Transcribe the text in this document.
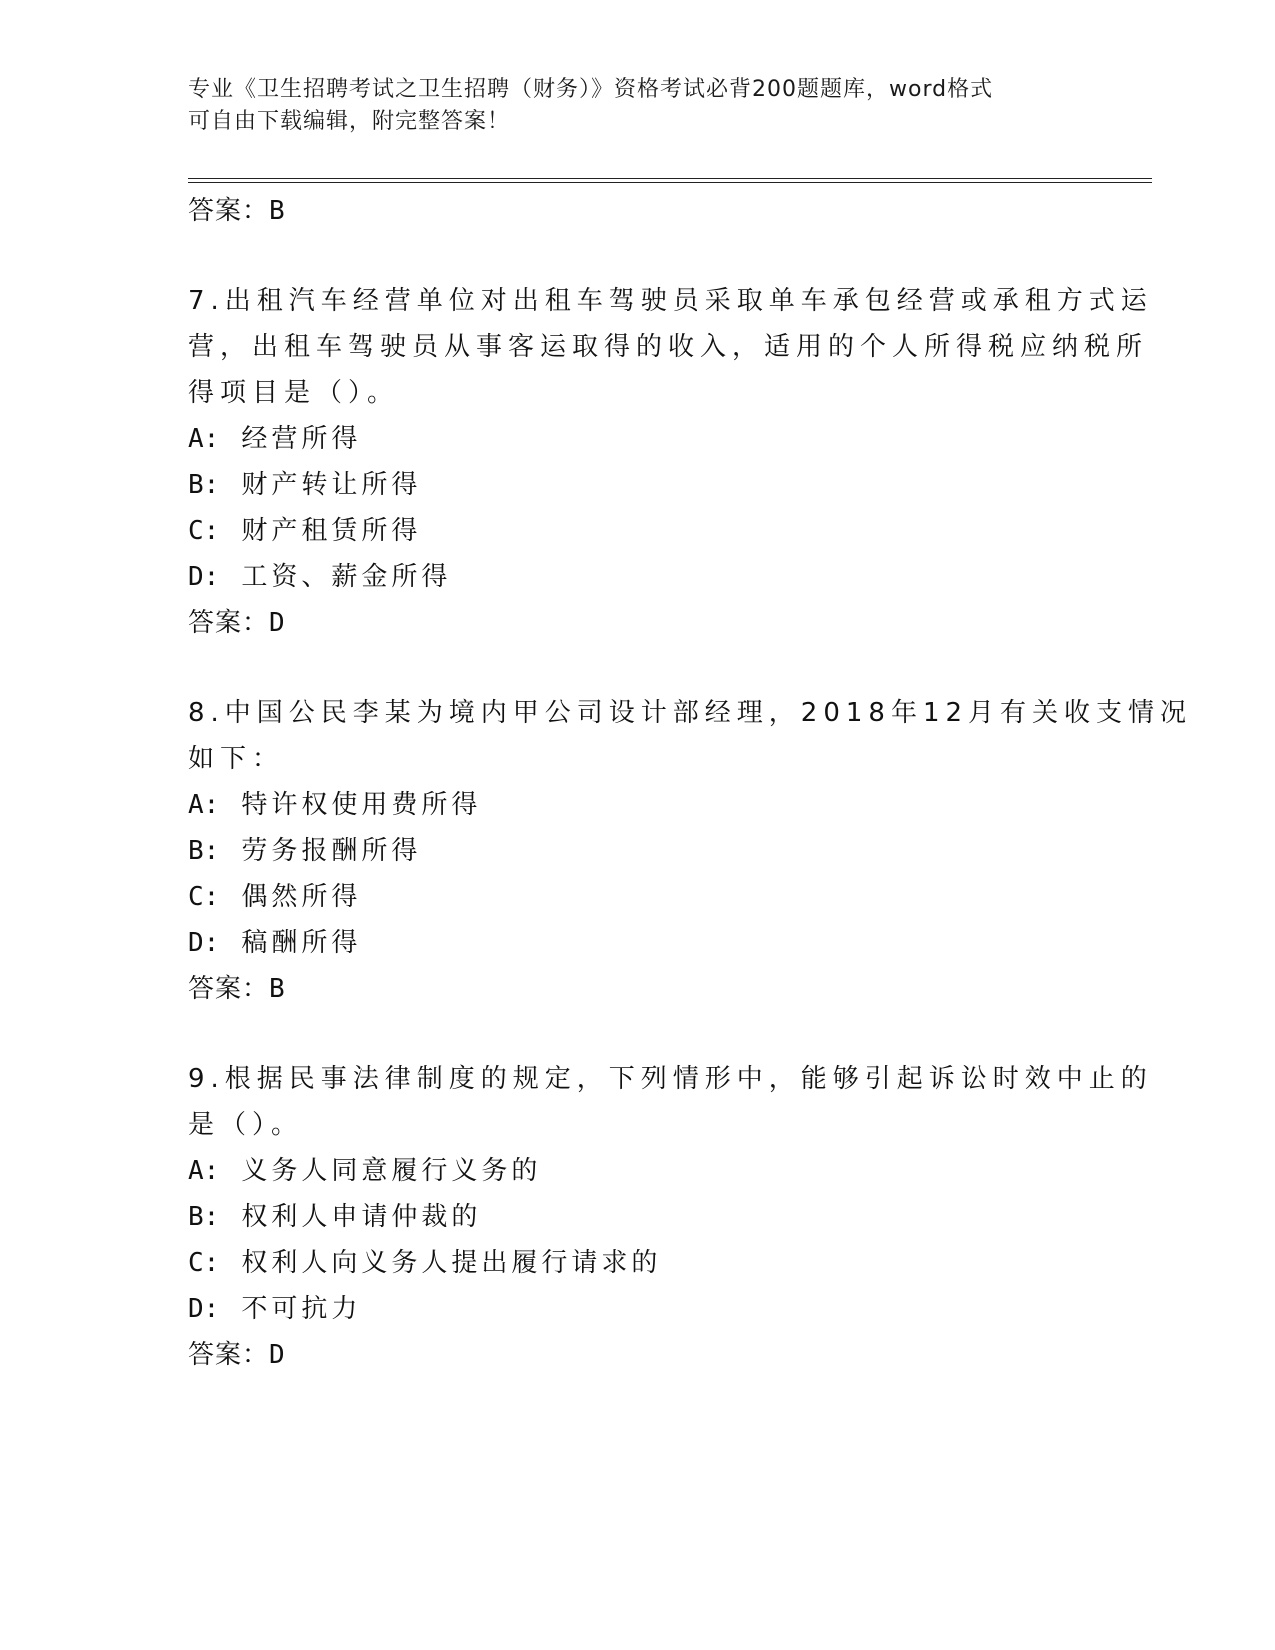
专业《卫生招聘考试之卫生招聘（财务）》资格考试必背200题题库，word格式
可自由下载编辑，附完整答案！
答案：B
7.出租汽车经营单位对出租车驾驶员采取单车承包经营或承租方式运
营，出租车驾驶员从事客运取得的收入，适用的个人所得税应纳税所
得项目是（）。
A: 经营所得
B: 财产转让所得
C: 财产租赁所得
D: 工资、薪金所得
答案：D
8.中国公民李某为境内甲公司设计部经理，2018年12月有关收支情况
如下：
A: 特许权使用费所得
B: 劳务报酬所得
C: 偶然所得
D: 稿酬所得
答案：B
9.根据民事法律制度的规定，下列情形中，能够引起诉讼时效中止的
是（）。
A: 义务人同意履行义务的
B: 权利人申请仲裁的
C: 权利人向义务人提出履行请求的
D: 不可抗力
答案：D
